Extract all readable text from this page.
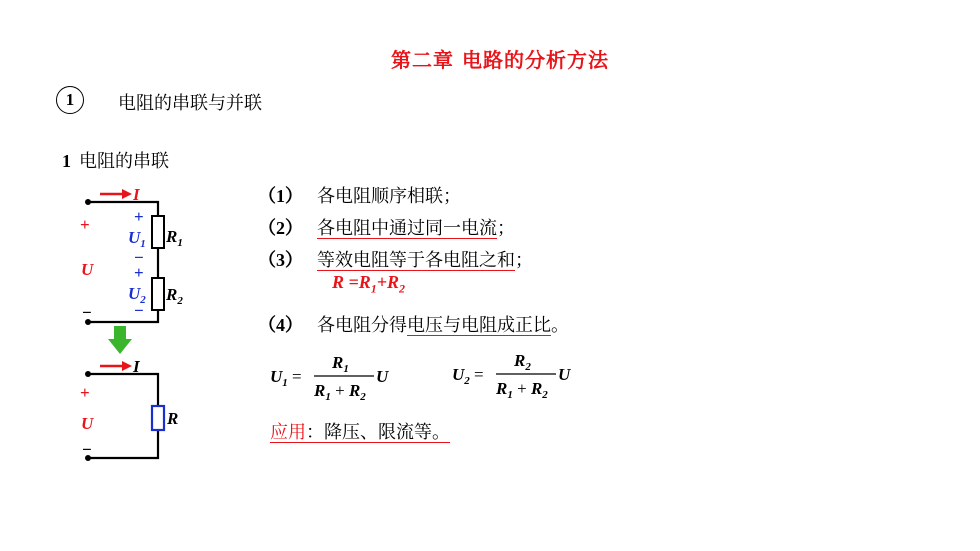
第二章 电路的分析方法
1	电阻的串联与并联
1 电阻的串联
（1） 各电阻顺序相联；
（2） 各电阻中通过同一电流；
（3） 等效电阻等于各电阻之和；
$R =R_1+R_2$
（4） 各电阻分得电压与电阻成正比。
$U_1$ =
$R_1$
$R_1 + R_2$
U	$U_2$ =
$R_2$
$R_1 + R_2$
U
应用：降压、限流等。
I
+
U
−
+
$U_1$
−
+
$U_2$
−
$R_1$
$R_2$
I
+
U
−
R
